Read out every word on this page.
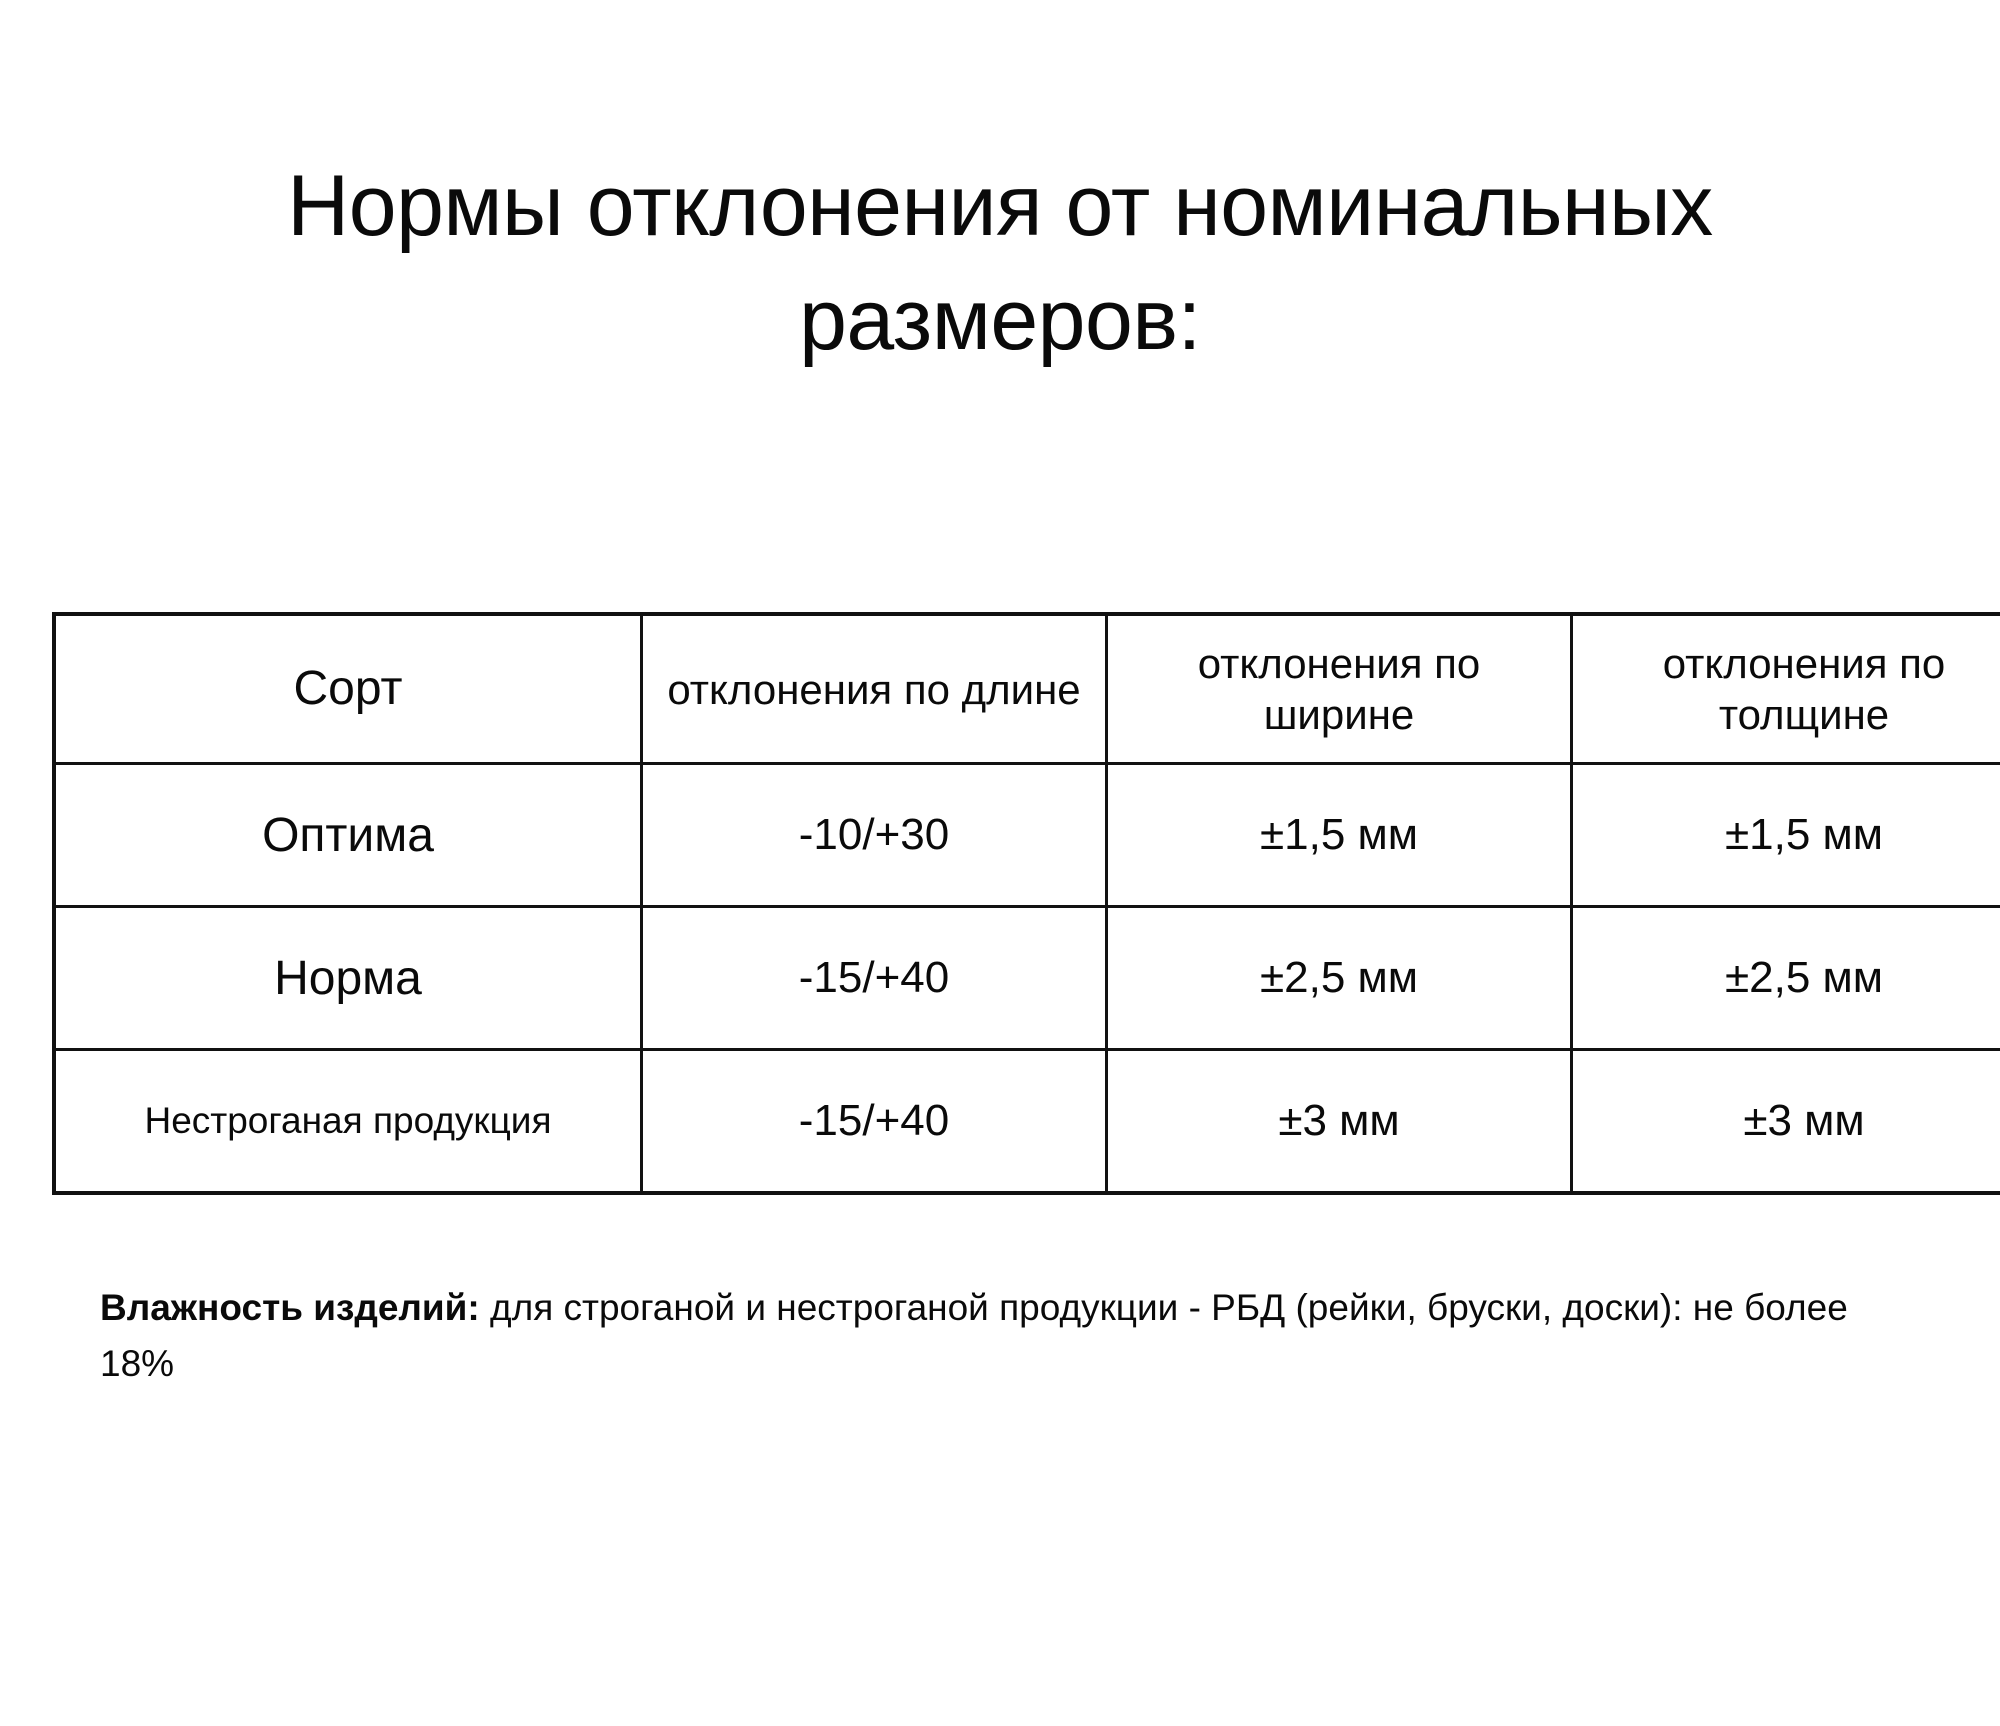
Нормы отклонения от номинальных размеров:
Сорт	отклонения по длине	отклонения по ширине	отклонения по толщине
Оптима	-10/+30	±1,5 мм	±1,5 мм
Норма	-15/+40	±2,5 мм	±2,5 мм
Нестроганая продукция	-15/+40	±3 мм	±3 мм
Влажность изделий: для строганой и нестроганой продукции - РБД (рейки, бруски, доски): не более 18%
